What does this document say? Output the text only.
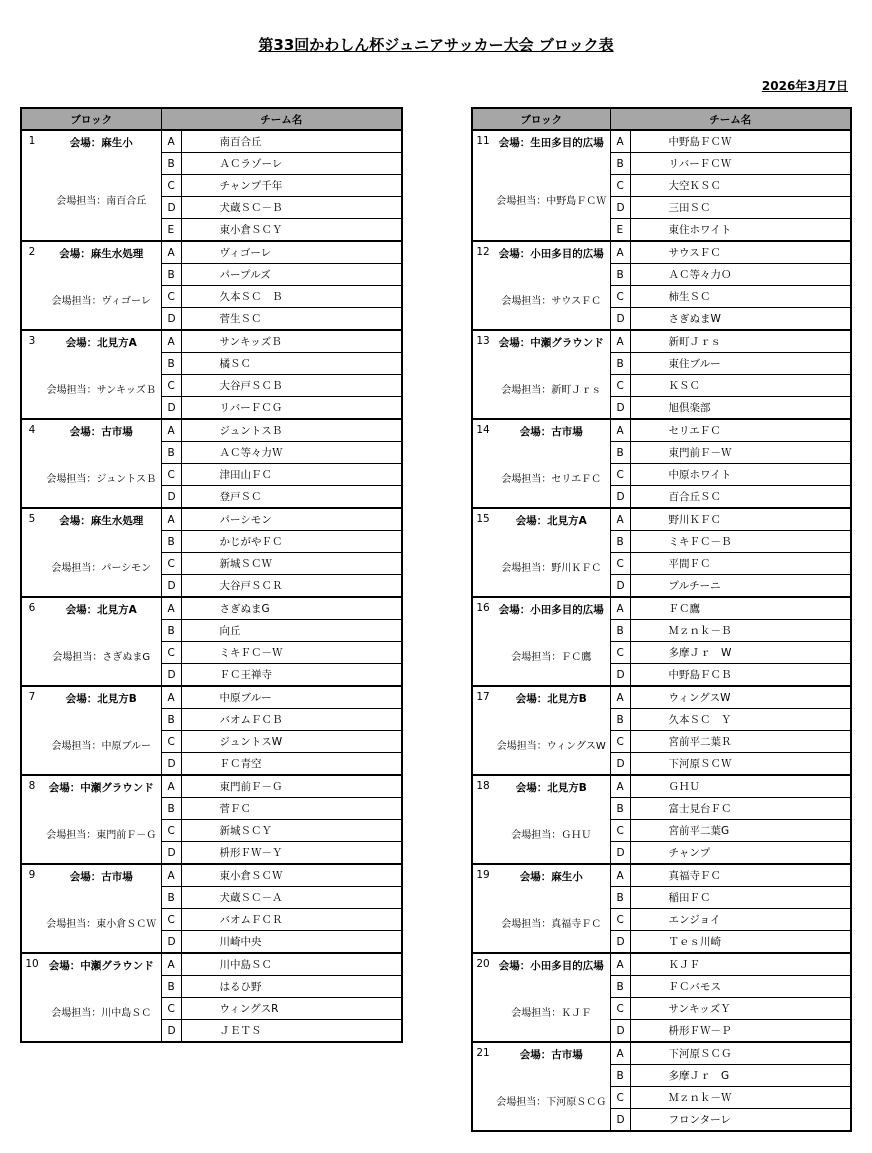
第33回かわしん杯ジュニアサッカー大会 ブロック表
2026年3月7日
ブロック		チーム名	
1	会場：麻生小
会場担当：南百合丘	A	南百合丘
		B	ＡＣラゾーレ
		C	チャンプ千年
		D	犬蔵ＳＣ－Ｂ
		E	東小倉ＳＣＹ
2	会場：麻生水処理
会場担当：ヴィゴーレ	A	ヴィゴーレ
		B	パープルズ
		C	久本ＳＣ　Ｂ
		D	菅生ＳＣ
3	会場：北見方A
会場担当：サンキッズＢ	A	サンキッズＢ
		B	橘ＳＣ
		C	大谷戸ＳＣＢ
		D	リバーＦＣＧ
4	会場：古市場
会場担当：ジュントスＢ	A	ジュントスＢ
		B	ＡＣ等々力Ｗ
		C	津田山ＦＣ
		D	登戸ＳＣ
5	会場：麻生水処理
会場担当：パーシモン	A	パーシモン
		B	かじがやＦＣ
		C	新城ＳＣＷ
		D	大谷戸ＳＣＲ
6	会場：北見方A
会場担当：さぎぬまG	A	さぎぬまG
		B	向丘
		C	ミキＦＣ－Ｗ
		D	ＦＣ王禅寺
7	会場：北見方B
会場担当：中原ブルー	A	中原ブルー
		B	バオムＦＣＢ
		C	ジュントスW
		D	ＦＣ青空
8	会場：中瀬グラウンド
会場担当：東門前Ｆ－Ｇ	A	東門前Ｆ－Ｇ
		B	菅ＦＣ
		C	新城ＳＣＹ
		D	枡形ＦＷ－Ｙ
9	会場：古市場
会場担当：東小倉ＳＣＷ	A	東小倉ＳＣＷ
		B	犬蔵ＳＣ－Ａ
		C	バオムＦＣＲ
		D	川崎中央
10	会場：中瀬グラウンド
会場担当：川中島ＳＣ	A	川中島ＳＣ
		B	はるひ野
		C	ウィングスR
		D	ＪＥＴＳ
ブロック		チーム名	
11	会場：生田多目的広場
会場担当：中野島ＦＣＷ	A	中野島ＦＣＷ
		B	リバーＦＣＷ
		C	大空ＫＳＣ
		D	三田ＳＣ
		E	東住ホワイト
12	会場：小田多目的広場
会場担当：サウスＦＣ	A	サウスＦＣ
		B	ＡＣ等々力Ｏ
		C	柿生ＳＣ
		D	さぎぬまW
13	会場：中瀬グラウンド
会場担当：新町Ｊｒｓ	A	新町Ｊｒｓ
		B	東住ブルー
		C	ＫＳＣ
		D	旭倶楽部
14	会場：古市場
会場担当：セリエＦＣ	A	セリエＦＣ
		B	東門前Ｆ－Ｗ
		C	中原ホワイト
		D	百合丘ＳＣ
15	会場：北見方A
会場担当：野川ＫＦＣ	A	野川ＫＦＣ
		B	ミキＦＣ－Ｂ
		C	平間ＦＣ
		D	プルチーニ
16	会場：小田多目的広場
会場担当：ＦＣ鷹	A	ＦＣ鷹
		B	Ｍｚｎｋ－Ｂ
		C	多摩Ｊｒ　W
		D	中野島ＦＣＢ
17	会場：北見方B
会場担当：ウィングスW	A	ウィングスW
		B	久本ＳＣ　Ｙ
		C	宮前平二葉Ｒ
		D	下河原ＳＣＷ
18	会場：北見方B
会場担当：ＧＨＵ	A	ＧＨＵ
		B	富士見台ＦＣ
		C	宮前平二葉G
		D	チャンプ
19	会場：麻生小
会場担当：真福寺ＦＣ	A	真福寺ＦＣ
		B	稲田ＦＣ
		C	エンジョイ
		D	Ｔｅｓ川崎
20	会場：小田多目的広場
会場担当：ＫＪＦ	A	ＫＪＦ
		B	ＦＣバモス
		C	サンキッズＹ
		D	枡形ＦＷ－Ｐ
21	会場：古市場
会場担当：下河原ＳＣＧ	A	下河原ＳＣＧ
		B	多摩Ｊｒ　G
		C	Ｍｚｎｋ－Ｗ
		D	フロンターレ
